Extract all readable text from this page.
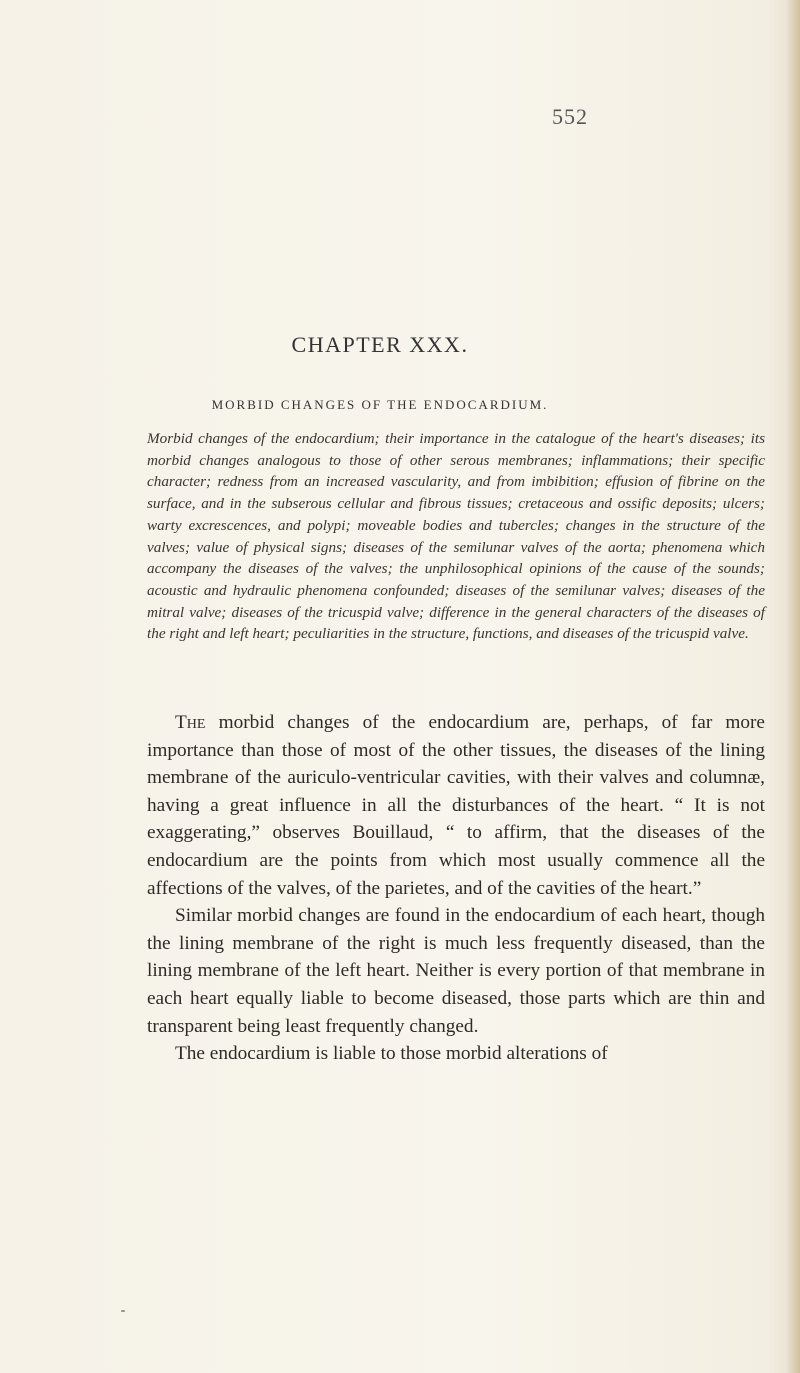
552
CHAPTER XXX.
MORBID CHANGES OF THE ENDOCARDIUM.

Morbid changes of the endocardium; their importance in the catalogue of the heart's diseases; its morbid changes analogous to those of other serous membranes; inflammations; their specific character; redness from an increased vascularity, and from imbibition; effusion of fibrine on the surface, and in the subserous cellular and fibrous tissues; cretaceous and ossific deposits; ulcers; warty excrescences, and polypi; moveable bodies and tubercles; changes in the structure of the valves; value of physical signs; diseases of the semilunar valves of the aorta; phenomena which accompany the diseases of the valves; the unphilosophical opinions of the cause of the sounds; acoustic and hydraulic phenomena confounded; diseases of the semilunar valves; diseases of the mitral valve; diseases of the tricuspid valve; difference in the general characters of the diseases of the right and left heart; peculiarities in the structure, functions, and diseases of the tricuspid valve.

The morbid changes of the endocardium are, perhaps, of far more importance than those of most of the other tissues, the diseases of the lining membrane of the auriculo-ventricular cavities, with their valves and columnæ, having a great influence in all the disturbances of the heart. “ It is not exaggerating,” observes Bouillaud, “ to affirm, that the diseases of the endocardium are the points from which most usually commence all the affections of the valves, of the parietes, and of the cavities of the heart.”

Similar morbid changes are found in the endocardium of each heart, though the lining membrane of the right is much less frequently diseased, than the lining membrane of the left heart. Neither is every portion of that membrane in each heart equally liable to become diseased, those parts which are thin and transparent being least frequently changed.

The endocardium is liable to those morbid alterations of
